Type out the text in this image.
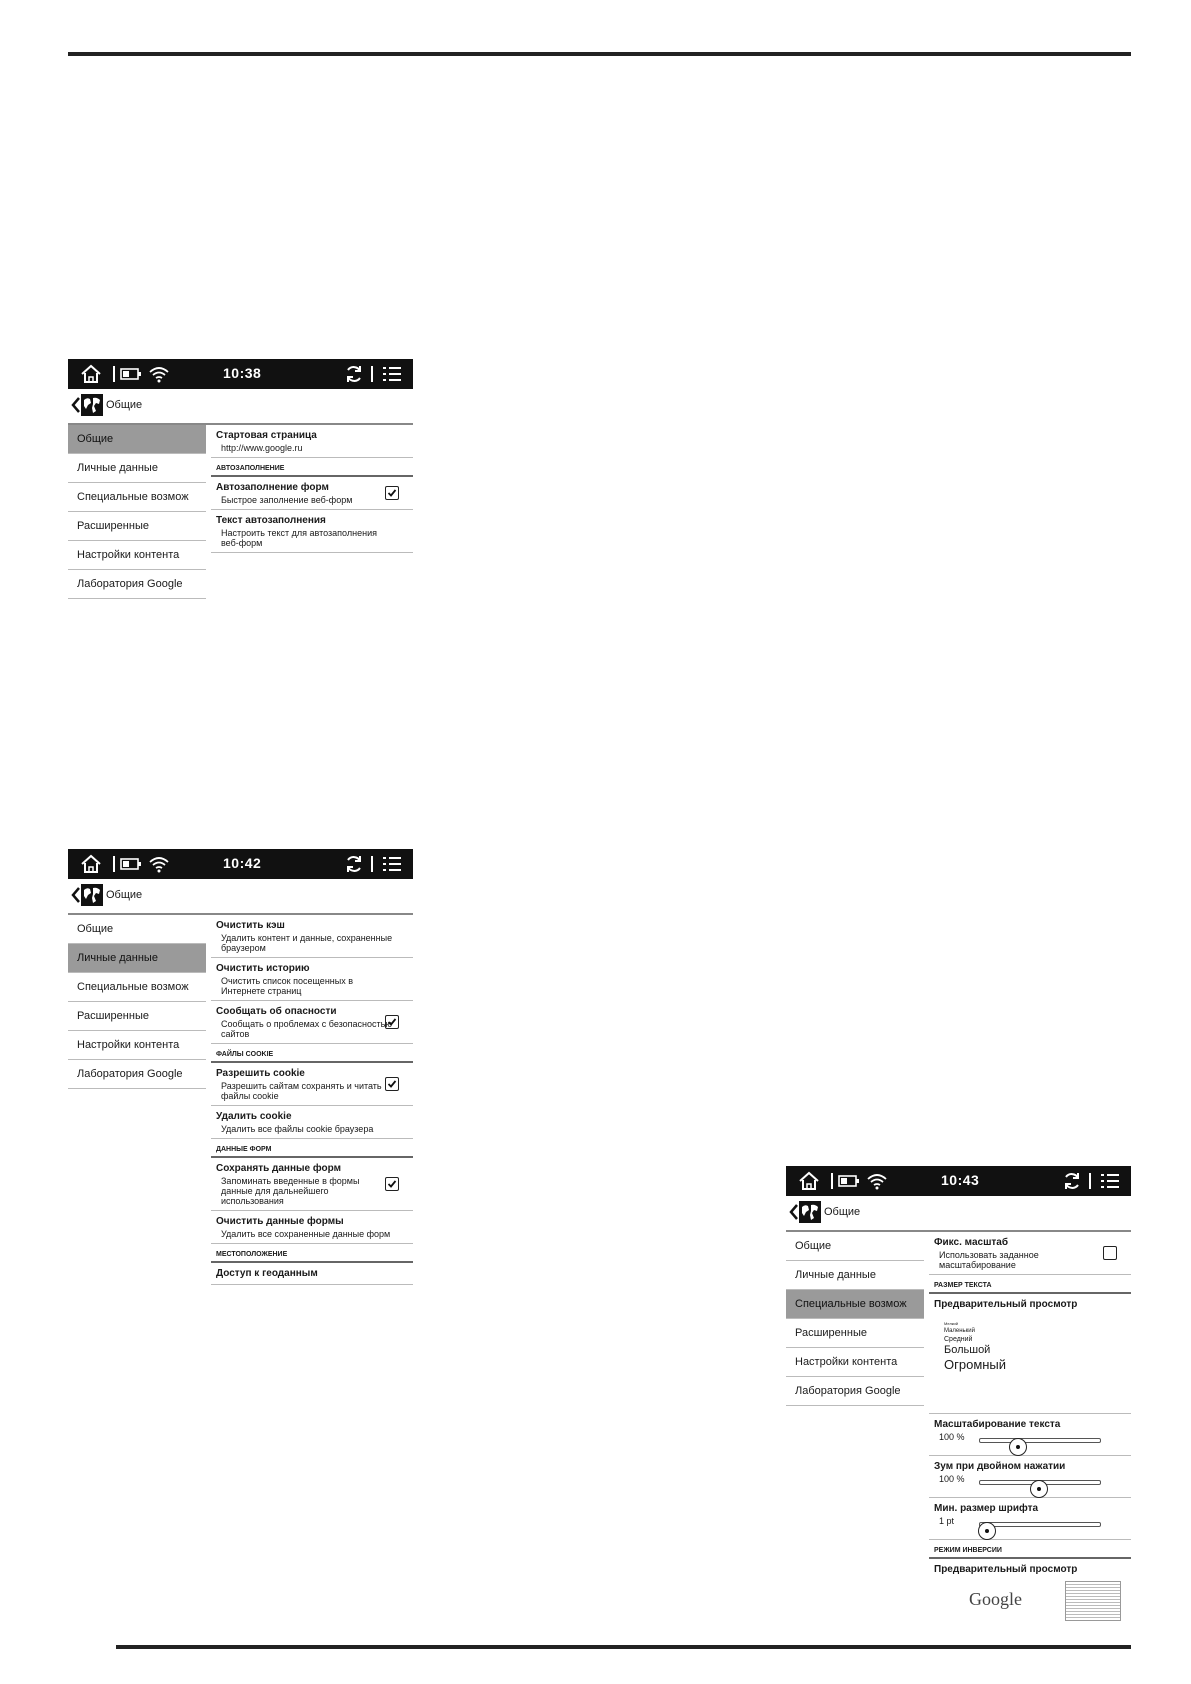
10:38
Общие
Общие
Личные данные
Специальные возмож
Расширенные
Настройки контента
Лаборатория Google
Стартовая страница
http://www.google.ru
АВТОЗАПОЛНЕНИЕ
Автозаполнение форм
Быстрое заполнение веб-форм
Текст автозаполнения
Настроить текст для автозаполнения веб-форм
10:42
Общие
Общие
Личные данные
Специальные возмож
Расширенные
Настройки контента
Лаборатория Google
Очистить кэш
Удалить контент и данные, сохраненные браузером
Очистить историю
Очистить список посещенных в Интернете страниц
Сообщать об опасности
Сообщать о проблемах с безопасностью сайтов
ФАЙЛЫ COOKIE
Разрешить cookie
Разрешить сайтам сохранять и читать файлы cookie
Удалить cookie
Удалить все файлы cookie браузера
ДАННЫЕ ФОРМ
Сохранять данные форм
Запоминать введенные в формы данные для дальнейшего использования
Очистить данные формы
Удалить все сохраненные данные форм
МЕСТОПОЛОЖЕНИЕ
Доступ к геоданным
10:43
Общие
Общие
Личные данные
Специальные возмож
Расширенные
Настройки контента
Лаборатория Google
Фикс. масштаб
Использовать заданное масштабирование
РАЗМЕР ТЕКСТА
Предварительный просмотр
Мелкий
Маленький
Средний
Большой
Огромный
Масштабирование текста
100 %
Зум при двойном нажатии
100 %
Мин. размер шрифта
1 pt
РЕЖИМ ИНВЕРСИИ
Предварительный просмотр
Google
